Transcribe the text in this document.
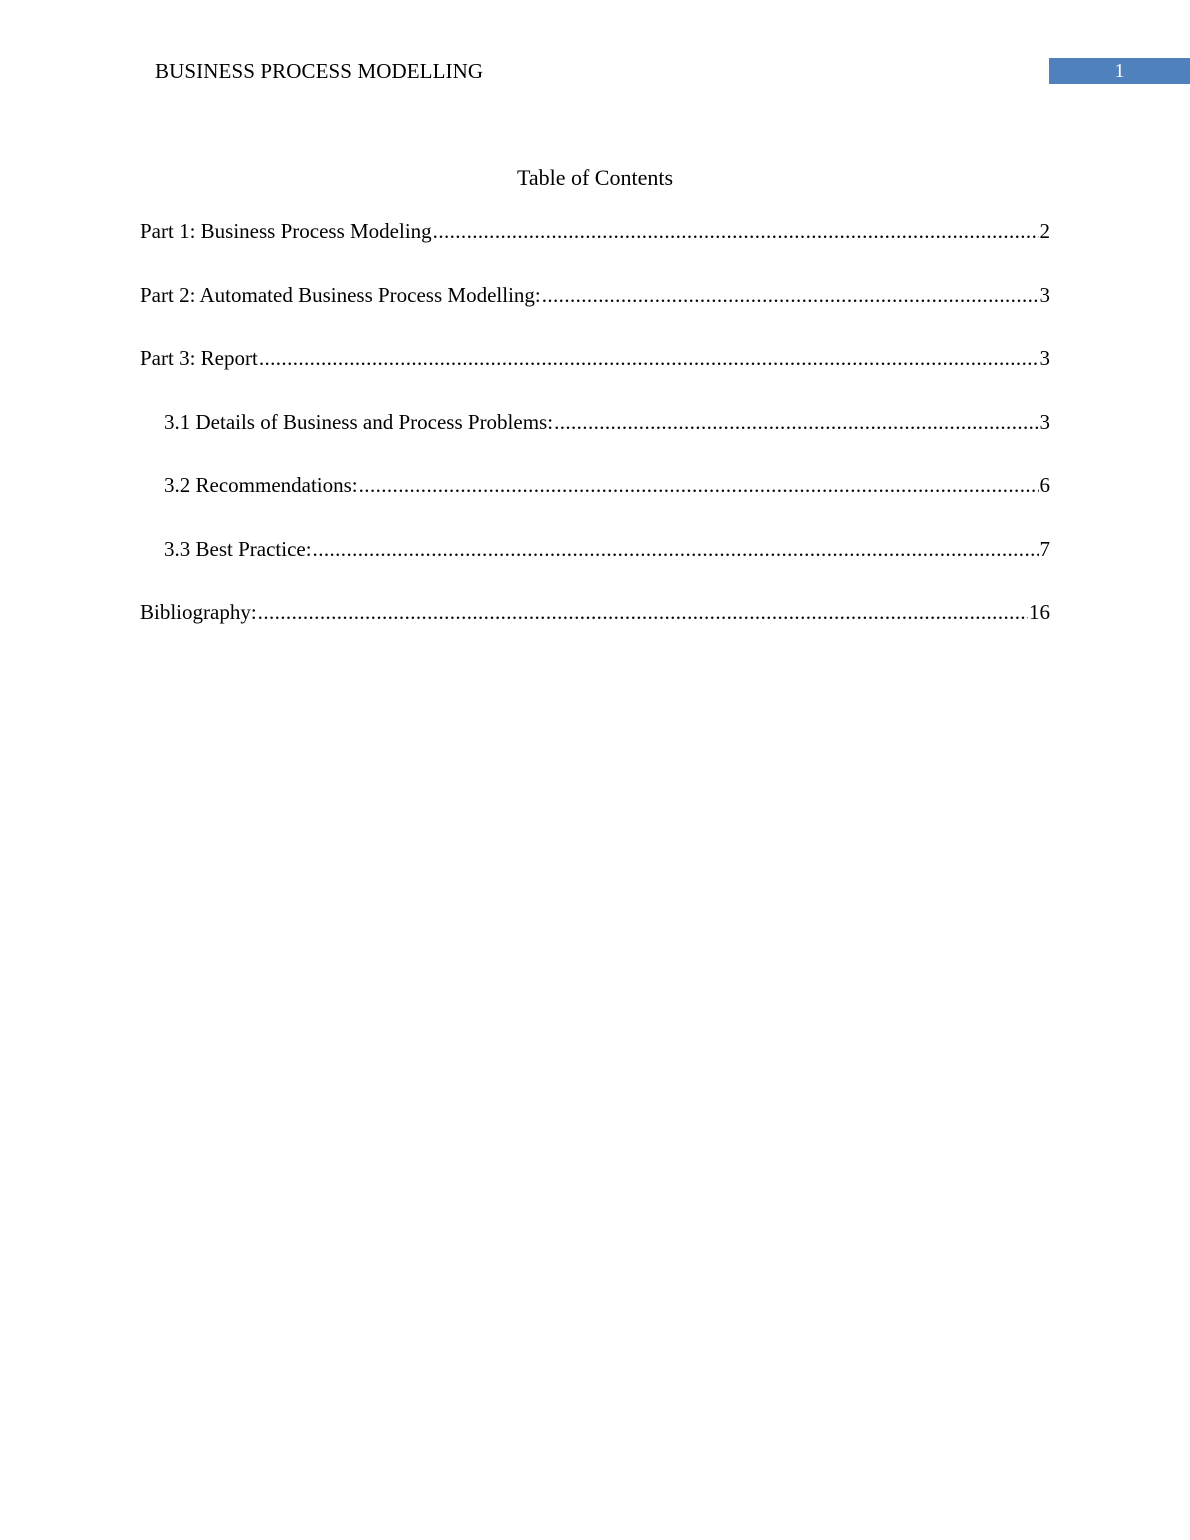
BUSINESS PROCESS MODELLING	1
Table of Contents
Part 1: Business Process Modeling .....	2
Part 2: Automated Business Process Modelling: .....	3
Part 3: Report .....	3
3.1 Details of Business and Process Problems: .....	3
3.2 Recommendations: .....	6
3.3 Best Practice: .....	7
Bibliography: .....	16
